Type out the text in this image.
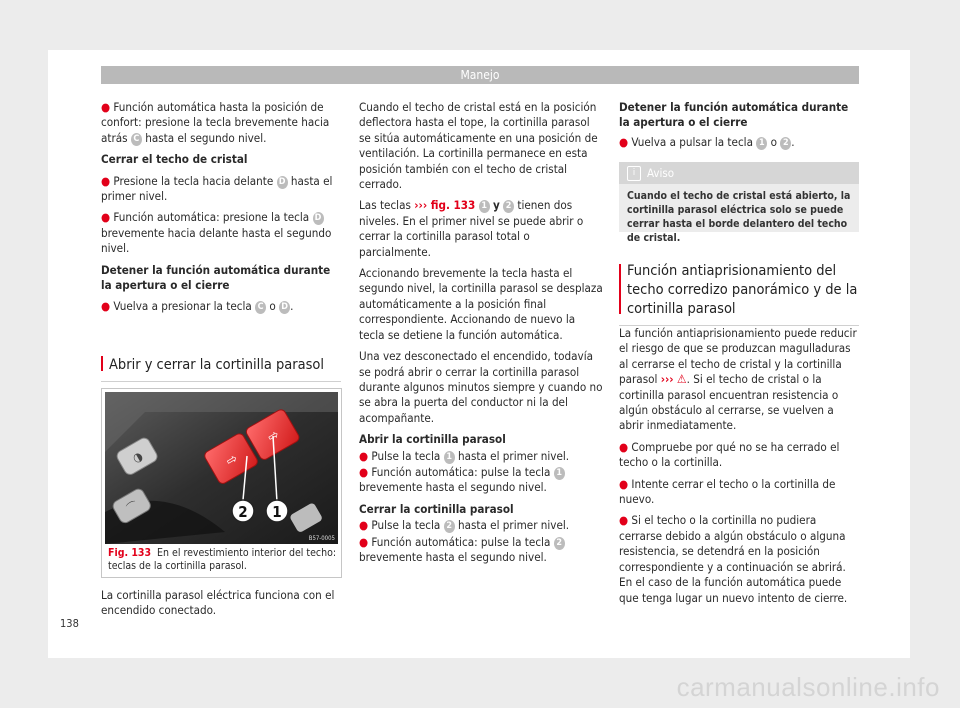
Manejo

● Función automática hasta la posición de confort: presione la tecla brevemente hacia atrás C hasta el segundo nivel.

Cerrar el techo de cristal

● Presione la tecla hacia delante D hasta el primer nivel.

● Función automática: presione la tecla D brevemente hacia delante hasta el segundo nivel.

Detener la función automática durante la apertura o el cierre

● Vuelva a presionar la tecla C o D .

Abrir y cerrar la cortinilla parasol
◑
⌒
⇨
2 1
B57-0005
Fig. 133 En el revestimiento interior del techo: teclas de la cortinilla parasol.

La cortinilla parasol eléctrica funciona con el encendido conectado.

Cuando el techo de cristal está en la posición deflectora hasta el tope, la cortinilla parasol se sitúa automáticamente en una posición de ventilación. La cortinilla permanece en esta posición también con el techo de cristal cerrado.

Las teclas ››› fig. 133 1 y 2 tienen dos niveles. En el primer nivel se puede abrir o cerrar la cortinilla parasol total o parcialmente.

Accionando brevemente la tecla hasta el segundo nivel, la cortinilla parasol se desplaza automáticamente a la posición final correspondiente. Accionando de nuevo la tecla se detiene la función automática.

Una vez desconectado el encendido, todavía se podrá abrir o cerrar la cortinilla parasol durante algunos minutos siempre y cuando no se abra la puerta del conductor ni la del acompañante.

Abrir la cortinilla parasol

● Pulse la tecla 1 hasta el primer nivel.

● Función automática: pulse la tecla 1 brevemente hasta el segundo nivel.

Cerrar la cortinilla parasol

● Pulse la tecla 2 hasta el primer nivel.

● Función automática: pulse la tecla 2 brevemente hasta el segundo nivel.

Detener la función automática durante la apertura o el cierre

● Vuelva a pulsar la tecla 1 o 2 .

i	Aviso
Cuando el techo de cristal está abierto, la cortinilla parasol eléctrica solo se puede cerrar hasta el borde delantero del techo de cristal.
Función antiaprisionamiento del techo corredizo panorámico y de la cortinilla parasol

La función antiaprisionamiento puede reducir el riesgo de que se produzcan magulladuras al cerrarse el techo de cristal y la cortinilla parasol ››› ⚠. Si el techo de cristal o la cortinilla parasol encuentran resistencia o algún obstáculo al cerrarse, se vuelven a abrir inmediatamente.

● Compruebe por qué no se ha cerrado el techo o la cortinilla.

● Intente cerrar el techo o la cortinilla de nuevo.

● Si el techo o la cortinilla no pudiera cerrarse debido a algún obstáculo o alguna resistencia, se detendrá en la posición correspondiente y a continuación se abrirá. En el caso de la función automática puede que tenga lugar un nuevo intento de cierre.

138
carmanualsonline.info
